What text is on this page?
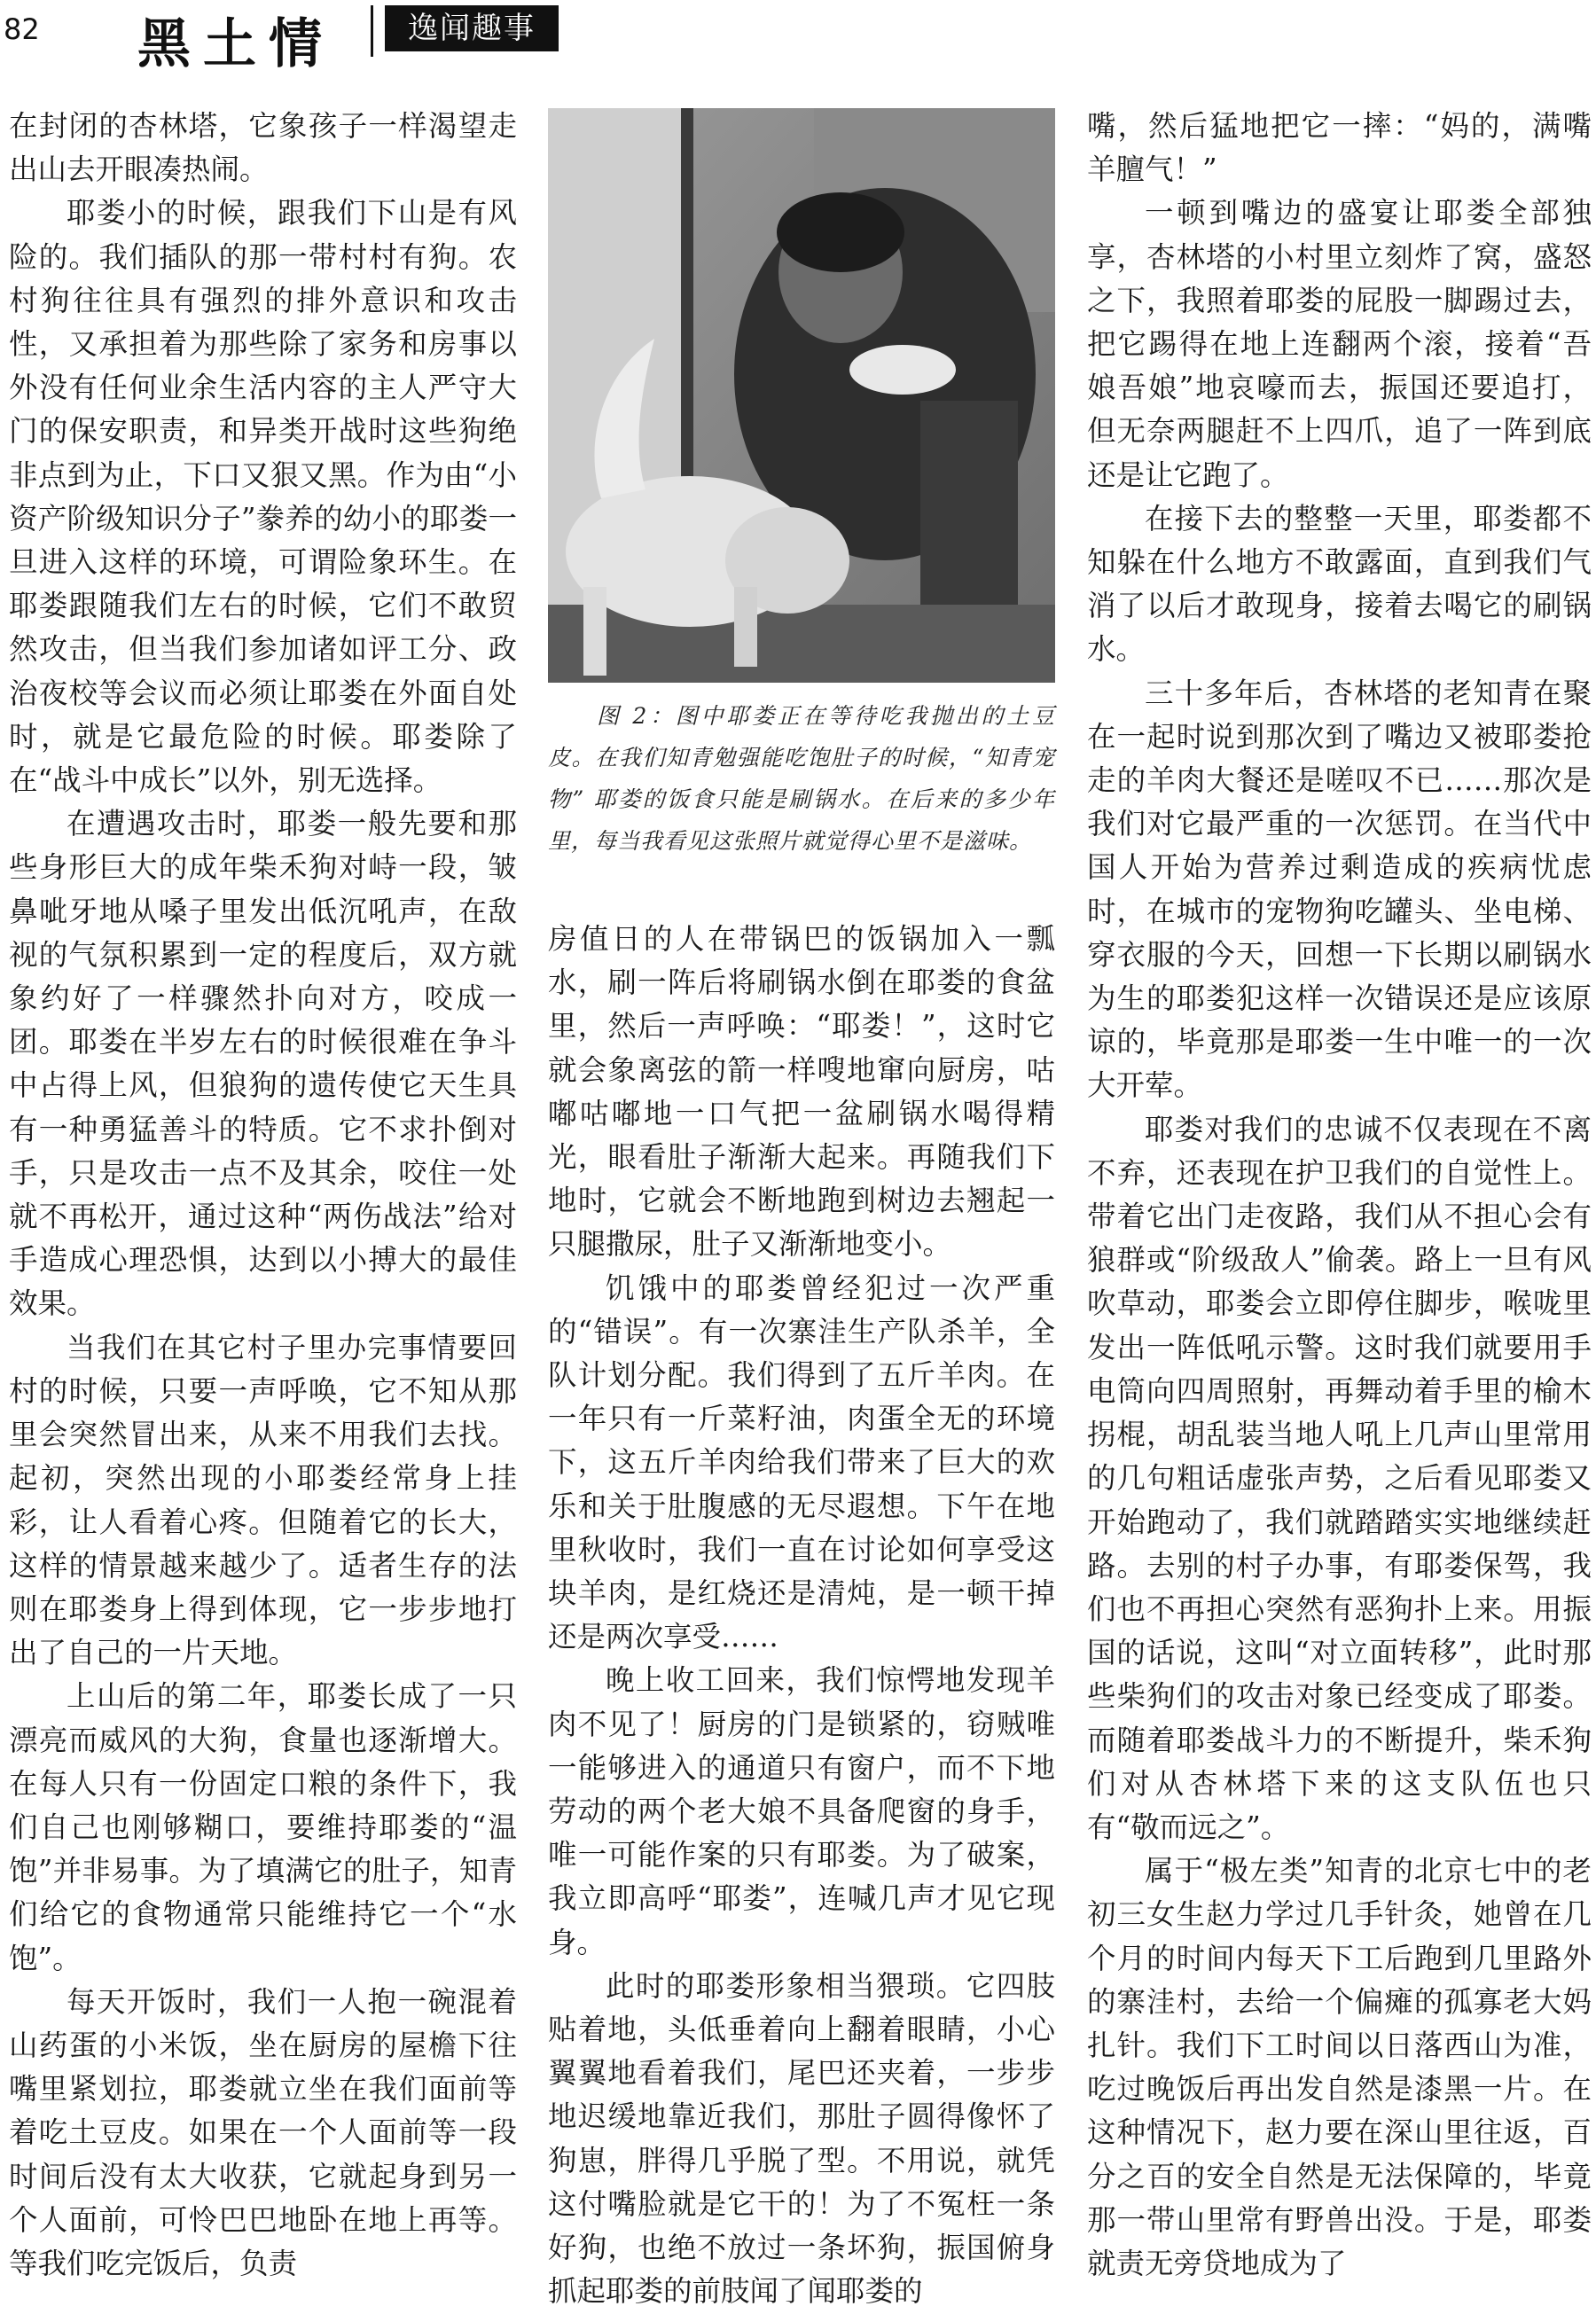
82 黑土情	逸闻趣事

在封闭的杏林塔，它象孩子一样渴望走出山去开眼凑热闹。

耶娄小的时候，跟我们下山是有风险的。我们插队的那一带村村有狗。农村狗往往具有强烈的排外意识和攻击性，又承担着为那些除了家务和房事以外没有任何业余生活内容的主人严守大门的保安职责，和异类开战时这些狗绝非点到为止，下口又狠又黑。作为由“小资产阶级知识分子”豢养的幼小的耶娄一旦进入这样的环境，可谓险象环生。在耶娄跟随我们左右的时候，它们不敢贸然攻击，但当我们参加诸如评工分、政治夜校等会议而必须让耶娄在外面自处时，就是它最危险的时候。耶娄除了在“战斗中成长”以外，别无选择。

在遭遇攻击时，耶娄一般先要和那些身形巨大的成年柴禾狗对峙一段，皱鼻呲牙地从嗓子里发出低沉吼声，在敌视的气氛积累到一定的程度后，双方就象约好了一样骤然扑向对方，咬成一团。耶娄在半岁左右的时候很难在争斗中占得上风，但狼狗的遗传使它天生具有一种勇猛善斗的特质。它不求扑倒对手，只是攻击一点不及其余，咬住一处就不再松开，通过这种“两伤战法”给对手造成心理恐惧，达到以小搏大的最佳效果。

当我们在其它村子里办完事情要回村的时候，只要一声呼唤，它不知从那里会突然冒出来，从来不用我们去找。起初，突然出现的小耶娄经常身上挂彩，让人看着心疼。但随着它的长大，这样的情景越来越少了。适者生存的法则在耶娄身上得到体现，它一步步地打出了自己的一片天地。

上山后的第二年，耶娄长成了一只漂亮而威风的大狗，食量也逐渐增大。在每人只有一份固定口粮的条件下，我们自己也刚够糊口，要维持耶娄的“温饱”并非易事。为了填满它的肚子，知青们给它的食物通常只能维持它一个“水饱”。

每天开饭时，我们一人抱一碗混着山药蛋的小米饭，坐在厨房的屋檐下往嘴里紧划拉，耶娄就立坐在我们面前等着吃土豆皮。如果在一个人面前等一段时间后没有太大收获，它就起身到另一个人面前，可怜巴巴地卧在地上再等。等我们吃完饭后，负责

图 2：图中耶娄正在等待吃我抛出的土豆皮。在我们知青勉强能吃饱肚子的时候，“知青宠物” 耶娄的饭食只能是刷锅水。在后来的多少年里，每当我看见这张照片就觉得心里不是滋味。

房值日的人在带锅巴的饭锅加入一瓢水，刷一阵后将刷锅水倒在耶娄的食盆里，然后一声呼唤：“耶娄！”，这时它就会象离弦的箭一样嗖地窜向厨房，咕嘟咕嘟地一口气把一盆刷锅水喝得精光，眼看肚子渐渐大起来。再随我们下地时，它就会不断地跑到树边去翘起一只腿撒尿，肚子又渐渐地变小。

饥饿中的耶娄曾经犯过一次严重的“错误”。有一次寨洼生产队杀羊，全队计划分配。我们得到了五斤羊肉。在一年只有一斤菜籽油，肉蛋全无的环境下，这五斤羊肉给我们带来了巨大的欢乐和关于肚腹感的无尽遐想。下午在地里秋收时，我们一直在讨论如何享受这块羊肉，是红烧还是清炖，是一顿干掉还是两次享受……

晚上收工回来，我们惊愕地发现羊肉不见了！厨房的门是锁紧的，窃贼唯一能够进入的通道只有窗户，而不下地劳动的两个老大娘不具备爬窗的身手，唯一可能作案的只有耶娄。为了破案，我立即高呼“耶娄”，连喊几声才见它现身。

此时的耶娄形象相当猥琐。它四肢贴着地，头低垂着向上翻着眼睛，小心翼翼地看着我们，尾巴还夹着，一步步地迟缓地靠近我们，那肚子圆得像怀了狗崽，胖得几乎脱了型。不用说，就凭这付嘴脸就是它干的！为了不冤枉一条好狗，也绝不放过一条坏狗，振国俯身抓起耶娄的前肢闻了闻耶娄的

嘴，然后猛地把它一摔：“妈的，满嘴羊膻气！”

一顿到嘴边的盛宴让耶娄全部独享，杏林塔的小村里立刻炸了窝，盛怒之下，我照着耶娄的屁股一脚踢过去，把它踢得在地上连翻两个滚，接着“吾娘吾娘”地哀嚎而去，振国还要追打，但无奈两腿赶不上四爪，追了一阵到底还是让它跑了。

在接下去的整整一天里，耶娄都不知躲在什么地方不敢露面，直到我们气消了以后才敢现身，接着去喝它的刷锅水。

三十多年后，杏林塔的老知青在聚在一起时说到那次到了嘴边又被耶娄抢走的羊肉大餐还是嗟叹不已……那次是我们对它最严重的一次惩罚。在当代中国人开始为营养过剩造成的疾病忧虑时，在城市的宠物狗吃罐头、坐电梯、穿衣服的今天，回想一下长期以刷锅水为生的耶娄犯这样一次错误还是应该原谅的，毕竟那是耶娄一生中唯一的一次大开荤。

耶娄对我们的忠诚不仅表现在不离不弃，还表现在护卫我们的自觉性上。带着它出门走夜路，我们从不担心会有狼群或“阶级敌人”偷袭。路上一旦有风吹草动，耶娄会立即停住脚步，喉咙里发出一阵低吼示警。这时我们就要用手电筒向四周照射，再舞动着手里的榆木拐棍，胡乱装当地人吼上几声山里常用的几句粗话虚张声势，之后看见耶娄又开始跑动了，我们就踏踏实实地继续赶路。去别的村子办事，有耶娄保驾，我们也不再担心突然有恶狗扑上来。用振国的话说，这叫“对立面转移”，此时那些柴狗们的攻击对象已经变成了耶娄。而随着耶娄战斗力的不断提升，柴禾狗们对从杏林塔下来的这支队伍也只有“敬而远之”。

属于“极左类”知青的北京七中的老初三女生赵力学过几手针灸，她曾在几个月的时间内每天下工后跑到几里路外的寨洼村，去给一个偏瘫的孤寡老大妈扎针。我们下工时间以日落西山为准，吃过晚饭后再出发自然是漆黑一片。在这种情况下，赵力要在深山里往返，百分之百的安全自然是无法保障的，毕竟那一带山里常有野兽出没。于是，耶娄就责无旁贷地成为了
